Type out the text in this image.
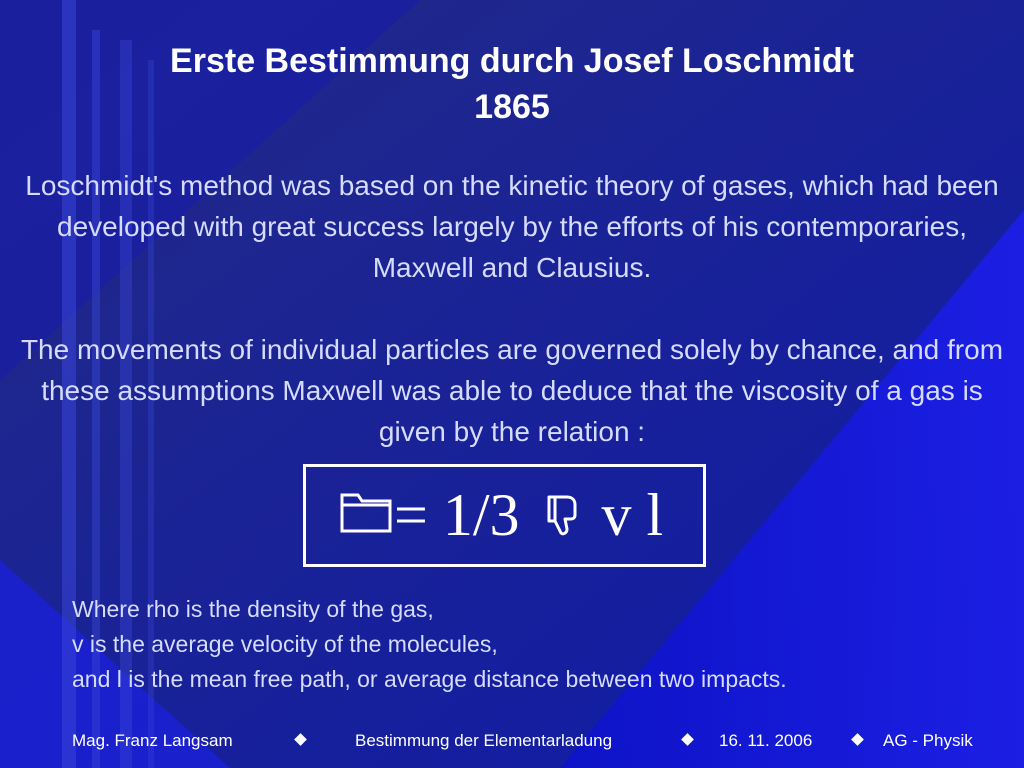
Erste Bestimmung durch Josef Loschmidt
1865
Loschmidt's method was based on the kinetic theory of gases, which had been developed with great success largely by the efforts of his contemporaries, Maxwell and Clausius.
The movements of individual particles are governed solely by chance, and from these assumptions Maxwell was able to deduce that the viscosity of a gas is given by the relation :
= 1/3 v l
Where rho is the density of the gas,
v is the average velocity of the molecules,
and l is the mean free path, or average distance between two impacts.
Mag. Franz Langsam	Bestimmung der Elementarladung	16. 11. 2006	AG - Physik
